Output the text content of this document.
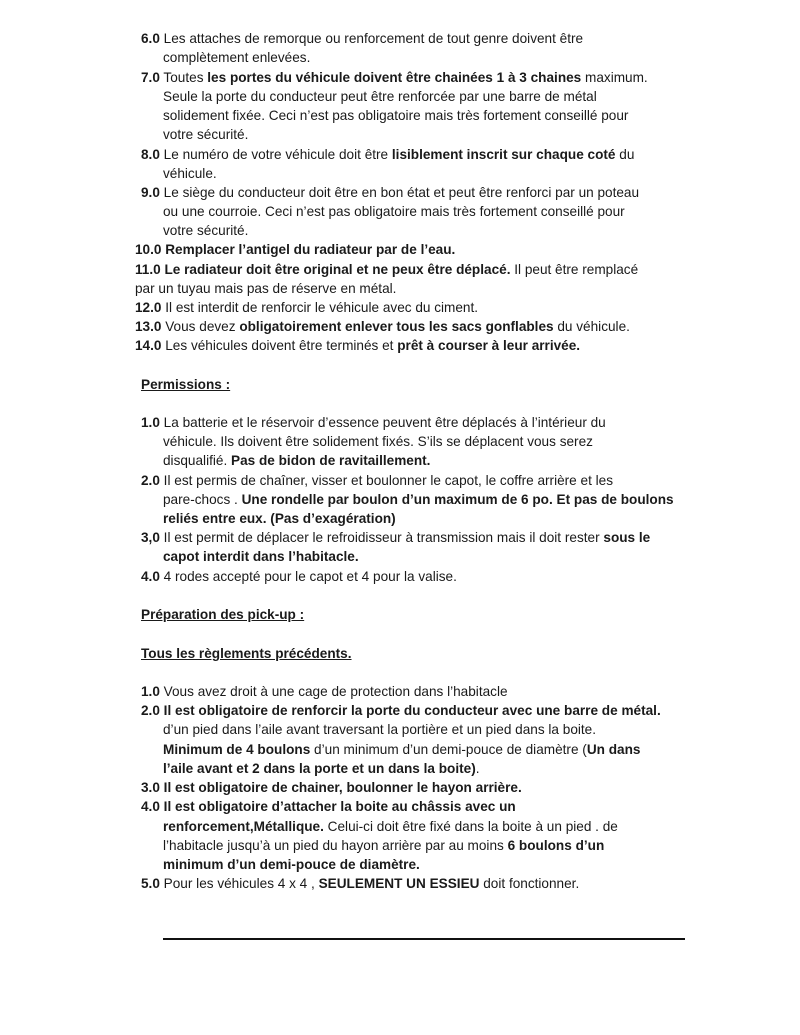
6.0 Les attaches de remorque ou renforcement de tout genre doivent être
complètement enlevées.
7.0 Toutes les portes du véhicule doivent être chainées 1 à 3 chaines maximum.
Seule la porte du conducteur peut être renforcée par une barre de métal
solidement fixée. Ceci n’est pas obligatoire mais très fortement conseillé pour
votre sécurité.
8.0 Le numéro de votre véhicule doit être lisiblement inscrit sur chaque coté du
véhicule.
9.0 Le siège du conducteur doit être en bon état et peut être renforci par un poteau
ou une courroie. Ceci n’est pas obligatoire mais très fortement conseillé pour
votre sécurité.
10.0 Remplacer l’antigel du radiateur par de l’eau.
11.0 Le radiateur doit être original et ne peux être déplacé. Il peut être remplacé
par un tuyau mais pas de réserve en métal.
12.0 Il est interdit de renforcir le véhicule avec du ciment.
13.0 Vous devez obligatoirement enlever tous les sacs gonflables du véhicule.
14.0 Les véhicules doivent être terminés et prêt à courser à leur arrivée.
Permissions :
1.0 La batterie et le réservoir d’essence peuvent être déplacés à l’intérieur du
véhicule. Ils doivent être solidement fixés. S’ils se déplacent vous serez
disqualifié. Pas de bidon de ravitaillement.
2.0 Il est permis de chaîner, visser et boulonner le capot, le coffre arrière et les
pare-chocs . Une rondelle par boulon d’un maximum de 6 po. Et pas de boulons
reliés entre eux. (Pas d’exagération)
3,0 Il est permit de déplacer le refroidisseur à transmission mais il doit rester sous le
capot interdit dans l’habitacle.
4.0 4 rodes accepté pour le capot et 4 pour la valise.
Préparation des pick-up :
Tous les règlements précédents.
1.0 Vous avez droit à une cage de protection dans l’habitacle
2.0 Il est obligatoire de renforcir la porte du conducteur avec une barre de métal.
d’un pied dans l’aile avant traversant la portière et un pied dans la boite.
Minimum de 4 boulons d’un minimum d’un demi-pouce de diamètre (Un dans
l’aile avant et 2 dans la porte et un dans la boite).
3.0 Il est obligatoire de chainer, boulonner le hayon arrière.
4.0 Il est obligatoire d’attacher la boite au châssis avec un
renforcement,Métallique. Celui-ci doit être fixé dans la boite à un pied . de
l’habitacle jusqu’à un pied du hayon arrière par au moins 6 boulons d’un
minimum d’un demi-pouce de diamètre.
5.0 Pour les véhicules 4 x 4 , SEULEMENT UN ESSIEU doit fonctionner.
